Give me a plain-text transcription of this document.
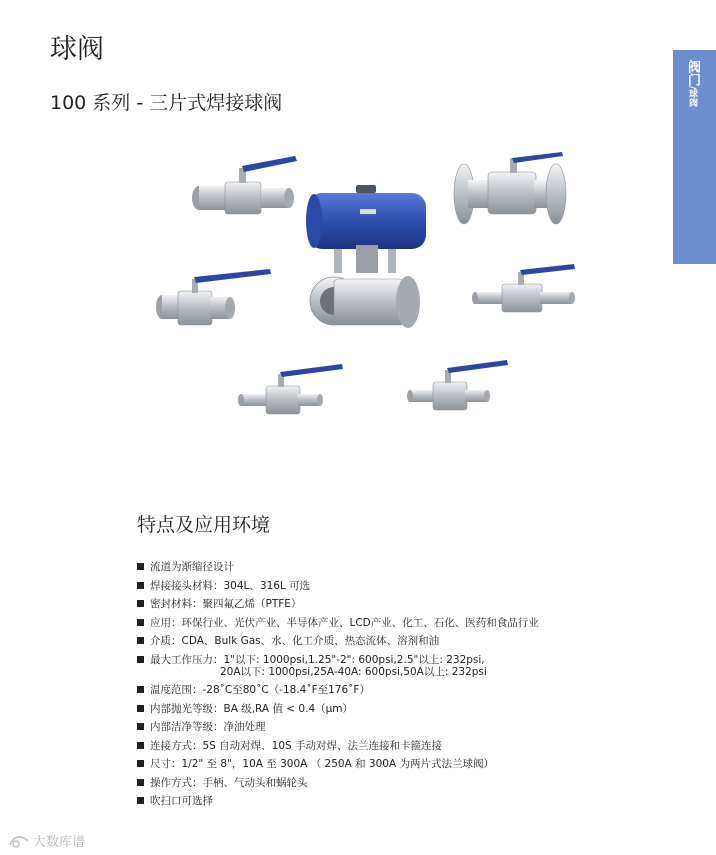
球阀
100 系列 - 三片式焊接球阀
阀门/球阀
特点及应用环境
流道为渐缩径设计
焊接接头材料：304L、316L 可选
密封材料：聚四氟乙烯（PTFE）
应用：环保行业、光伏产业、半导体产业、LCD产业、化工、石化、医药和食品行业
介质：CDA、Bulk Gas、水、化工介质、热态流体、溶剂和油
最大工作压力：1"以下: 1000psi,1.25"-2": 600psi,2.5"以上: 232psi,
20A以下: 1000psi,25A-40A: 600psi,50A以上: 232psi
温度范围：-28˚C至80˚C（-18.4˚F至176˚F）
内部抛光等级：BA 级,RA 值 < 0.4（μm）
内部洁净等级：净油处理
连接方式：5S 自动对焊、10S 手动对焊、法兰连接和卡箍连接
尺寸：1/2" 至 8"，10A 至 300A （ 250A 和 300A 为两片式法兰球阀）
操作方式：手柄、气动头和蜗轮头
吹扫口可选择
大数库谱
